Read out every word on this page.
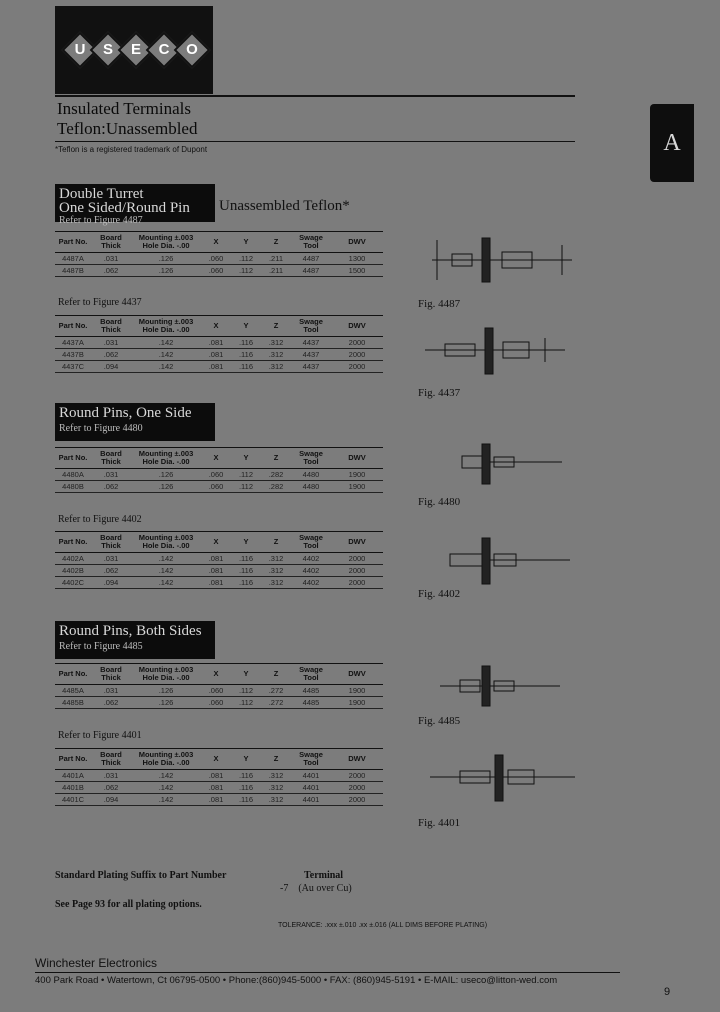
U	S	E	C	O
Insulated Terminals
Teflon:Unassembled
*Teflon is a registered trademark of Dupont	A
Double Turret
One Sided/Round Pin
Refer to Figure 4487
Unassembled Teflon*
Part No.	Board Thick	Mounting ±.003 Hole Dia. -.00	X	Y	Z	Swage Tool	DWV
4487A	.031	.126	.060	.112	.211	4487	1300
4487B	.062	.126	.060	.112	.211	4487	1500
Refer to Figure 4437
Part No.	Board Thick	Mounting ±.003 Hole Dia. -.00	X	Y	Z	Swage Tool	DWV
4437A	.031	.142	.081	.116	.312	4437	2000
4437B	.062	.142	.081	.116	.312	4437	2000
4437C	.094	.142	.081	.116	.312	4437	2000
Round Pins, One Side
Refer to Figure 4480
Part No.	Board Thick	Mounting ±.003 Hole Dia. -.00	X	Y	Z	Swage Tool	DWV
4480A	.031	.126	.060	.112	.282	4480	1900
4480B	.062	.126	.060	.112	.282	4480	1900
Refer to Figure 4402
Part No.	Board Thick	Mounting ±.003 Hole Dia. -.00	X	Y	Z	Swage Tool	DWV
4402A	.031	.142	.081	.116	.312	4402	2000
4402B	.062	.142	.081	.116	.312	4402	2000
4402C	.094	.142	.081	.116	.312	4402	2000
Round Pins, Both Sides
Refer to Figure 4485
Part No.	Board Thick	Mounting ±.003 Hole Dia. -.00	X	Y	Z	Swage Tool	DWV
4485A	.031	.126	.060	.112	.272	4485	1900
4485B	.062	.126	.060	.112	.272	4485	1900
Refer to Figure 4401
Part No.	Board Thick	Mounting ±.003 Hole Dia. -.00	X	Y	Z	Swage Tool	DWV
4401A	.031	.142	.081	.116	.312	4401	2000
4401B	.062	.142	.081	.116	.312	4401	2000
4401C	.094	.142	.081	.116	.312	4401	2000
Fig. 4487
Fig. 4437
Fig. 4480
Fig. 4402
Fig. 4485
Fig. 4401
Standard Plating Suffix to Part Number	Terminal
-7 (Au over Cu)
See Page 93 for all plating options.
TOLERANCE: .xxx ±.010 .xx ±.016 (ALL DIMS BEFORE PLATING)
Winchester Electronics
400 Park Road • Watertown, Ct 06795-0500 • Phone:(860)945-5000 • FAX: (860)945-5191 • E-MAIL: useco@litton-wed.com
9
